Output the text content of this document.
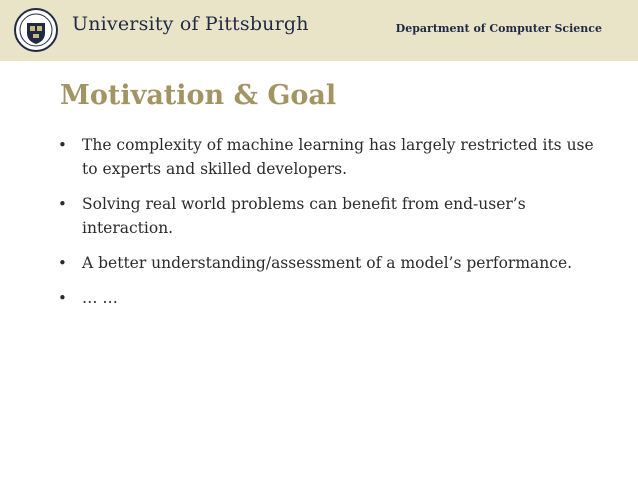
University of Pittsburgh	Department of Computer Science
Motivation & Goal
• The complexity of machine learning has largely restricted its use to experts and skilled developers.
• Solving real world problems can benefit from end-user’s interaction.
• A better understanding/assessment of a model’s performance.
• … …
